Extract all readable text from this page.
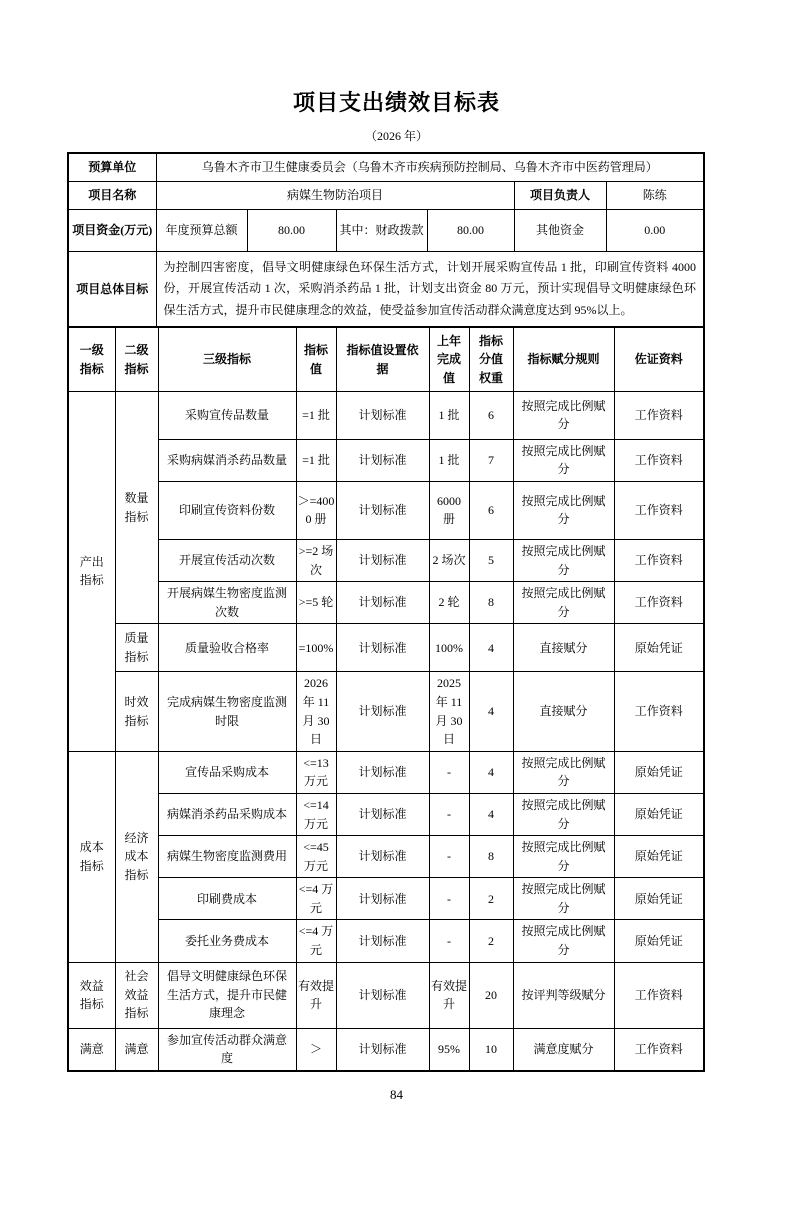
项目支出绩效目标表
（2026 年）
预算单位	乌鲁木齐市卫生健康委员会（乌鲁木齐市疾病预防控制局、乌鲁木齐市中医药管理局）					
项目名称	病媒生物防治项目				项目负责人	陈练
项目资金(万元)	年度预算总额	80.00	其中：财政拨款	80.00	其他资金	0.00
项目总体目标	为控制四害密度，倡导文明健康绿色环保生活方式，计划开展采购宣传品 1 批，印刷宣传资料 4000 份，开展宣传活动 1 次，采购消杀药品 1 批，计划支出资金 80 万元，预计实现倡导文明健康绿色环保生活方式，提升市民健康理念的效益，使受益参加宣传活动群众满意度达到 95%以上。					
一级指标	二级指标	三级指标	指标值	指标值设置依据	上年完成值	指标分值权重	指标赋分规则	佐证资料
产出指标	数量指标	采购宣传品数量	=1 批	计划标准	1 批	6	按照完成比例赋分	工作资料
		采购病媒消杀药品数量	=1 批	计划标准	1 批	7	按照完成比例赋分	工作资料
		印刷宣传资料份数	＞=4000 册	计划标准	6000 册	6	按照完成比例赋分	工作资料
		开展宣传活动次数	>=2 场次	计划标准	2 场次	5	按照完成比例赋分	工作资料
		开展病媒生物密度监测次数	>=5 轮	计划标准	2 轮	8	按照完成比例赋分	工作资料
	质量指标	质量验收合格率	=100%	计划标准	100%	4	直接赋分	原始凭证
	时效指标	完成病媒生物密度监测时限	2026 年 11 月 30 日	计划标准	2025 年 11 月 30 日	4	直接赋分	工作资料
成本指标	经济成本指标	宣传品采购成本	<=13 万元	计划标准	-	4	按照完成比例赋分	原始凭证
		病媒消杀药品采购成本	<=14 万元	计划标准	-	4	按照完成比例赋分	原始凭证
		病媒生物密度监测费用	<=45 万元	计划标准	-	8	按照完成比例赋分	原始凭证
		印刷费成本	<=4 万元	计划标准	-	2	按照完成比例赋分	原始凭证
		委托业务费成本	<=4 万元	计划标准	-	2	按照完成比例赋分	原始凭证
效益指标	社会效益指标	倡导文明健康绿色环保生活方式，提升市民健康理念	有效提升	计划标准	有效提升	20	按评判等级赋分	工作资料
满意	满意	参加宣传活动群众满意度	＞	计划标准	95%	10	满意度赋分	工作资料
84
